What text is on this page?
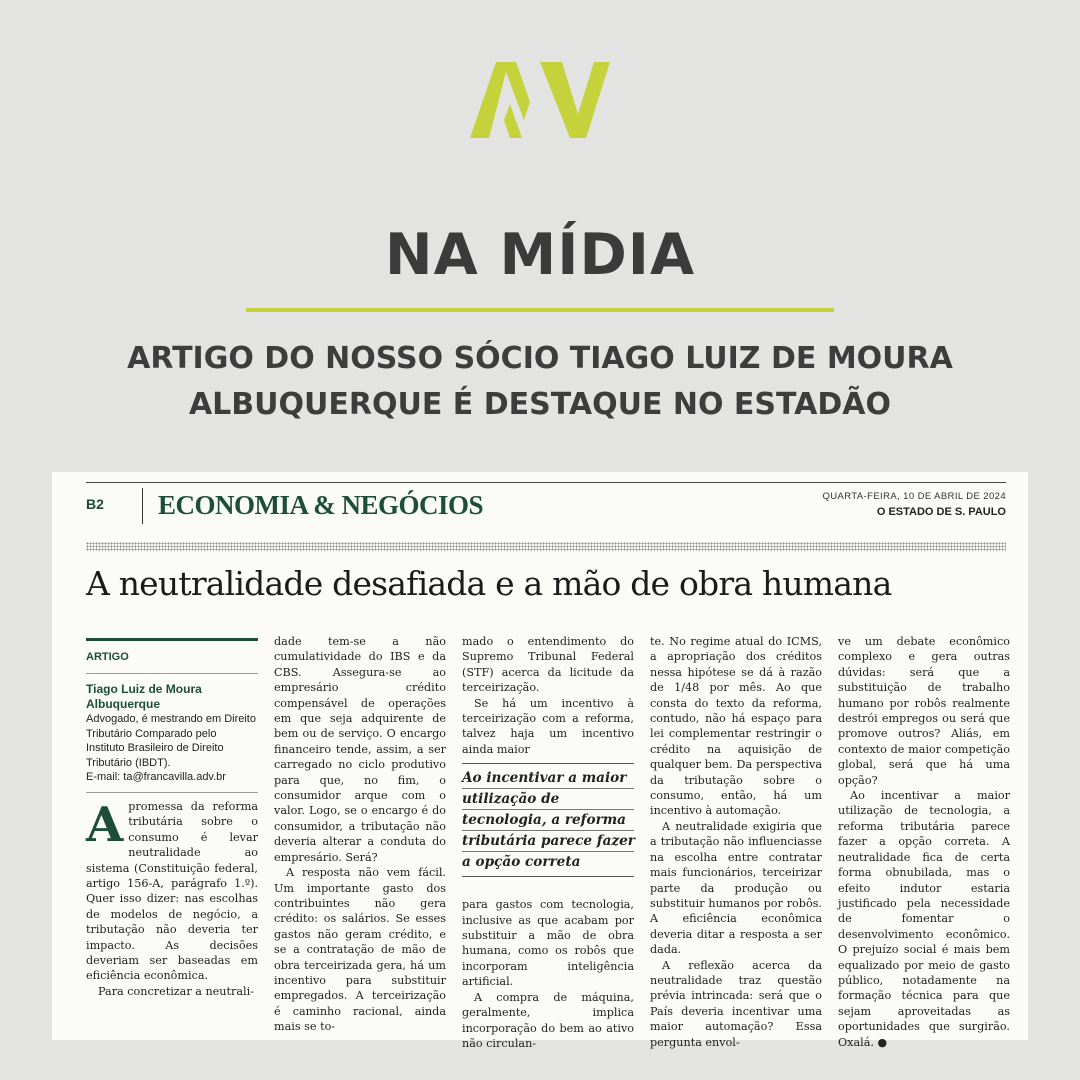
NA MÍDIA
ARTIGO DO NOSSO SÓCIO TIAGO LUIZ DE MOURA
ALBUQUERQUE É DESTAQUE NO ESTADÃO
B2 ECONOMIA & NEGÓCIOS	QUARTA-FEIRA, 10 DE ABRIL DE 2024
O ESTADO DE S. PAULO
A neutralidade desafiada e a mão de obra humana
ARTIGO
Tiago Luiz de Moura Albuquerque
Advogado, é mestrando em Direito Tributário Comparado pelo Instituto Brasileiro de Direito Tributário (IBDT).
E-mail: ta@francavilla.adv.br

Apromessa da reforma tributária sobre o consumo é levar neutralidade ao sistema (Constituição federal, artigo 156-A, parágrafo 1.º). Quer isso dizer: nas escolhas de modelos de negócio, a tributação não deveria ter impacto. As decisões deveriam ser baseadas em eficiência econômica.

Para concretizar a neutrali-

dade tem-se a não cumulatividade do IBS e da CBS. Assegura-se ao empresário crédito compensável de operações em que seja adquirente de bem ou de serviço. O encargo financeiro tende, assim, a ser carregado no ciclo produtivo para que, no fim, o consumidor arque com o valor. Logo, se o encargo é do consumidor, a tributação não deveria alterar a conduta do empresário. Será?

A resposta não vem fácil. Um importante gasto dos contribuintes não gera crédito: os salários. Se esses gastos não geram crédito, e se a contratação de mão de obra terceirizada gera, há um incentivo para substituir empregados. A terceirização é caminho racional, ainda mais se to-

mado o entendimento do Supremo Tribunal Federal (STF) acerca da licitude da terceirização.

Se há um incentivo à terceirização com a reforma, talvez haja um incentivo ainda maior

Ao incentivar a maior
utilização de
tecnologia, a reforma
tributária parece fazer
a opção correta

para gastos com tecnologia, inclusive as que acabam por substituir a mão de obra humana, como os robôs que incorporam inteligência artificial.

A compra de máquina, geralmente, implica incorporação do bem ao ativo não circulan-

te. No regime atual do ICMS, a apropriação dos créditos nessa hipótese se dá à razão de 1/48 por mês. Ao que consta do texto da reforma, contudo, não há espaço para lei complementar restringir o crédito na aquisição de qualquer bem. Da perspectiva da tributação sobre o consumo, então, há um incentivo à automação.

A neutralidade exigiria que a tributação não influenciasse na escolha entre contratar mais funcionários, terceirizar parte da produção ou substituir humanos por robôs. A eficiência econômica deveria ditar a resposta a ser dada.

A reflexão acerca da neutralidade traz questão prévia intrincada: será que o País deveria incentivar uma maior automação? Essa pergunta envol-

ve um debate econômico complexo e gera outras dúvidas: será que a substituição de trabalho humano por robôs realmente destrói empregos ou será que promove outros? Aliás, em contexto de maior competição global, será que há uma opção?

Ao incentivar a maior utilização de tecnologia, a reforma tributária parece fazer a opção correta. A neutralidade fica de certa forma obnubilada, mas o efeito indutor estaria justificado pela necessidade de fomentar o desenvolvimento econômico. O prejuízo social é mais bem equalizado por meio de gasto público, notadamente na formação técnica para que sejam aproveitadas as oportunidades que surgirão. Oxalá. ●
